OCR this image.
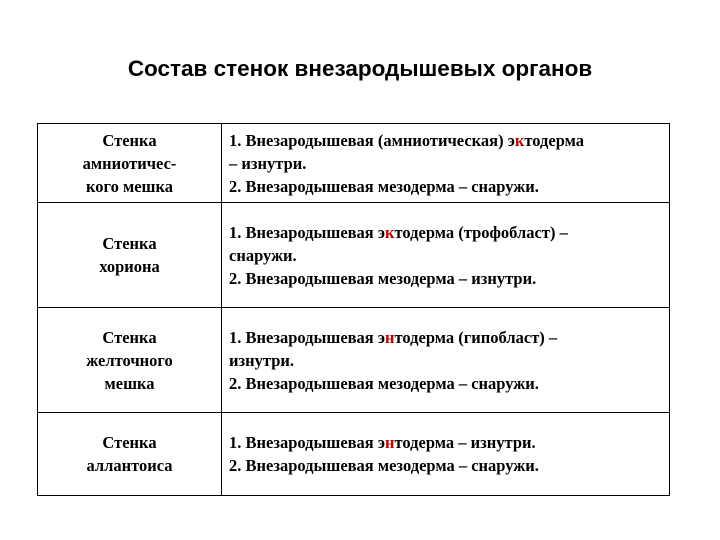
Состав стенок внезародышевых органов
Стенка
амниотичес-
кого мешка	1. Внезародышевая (амниотическая) эктодерма
– изнутри.
2. Внезародышевая мезодерма – снаружи.

Стенка
хориона	1. Внезародышевая эктодерма (трофобласт) –
снаружи.
2. Внезародышевая мезодерма – изнутри.

Стенка
желточного
мешка	1. Внезародышевая энтодерма (гипобласт) –
изнутри.
2. Внезародышевая мезодерма – снаружи.

Стенка
аллантоиса	1. Внезародышевая энтодерма – изнутри.
2. Внезародышевая мезодерма – снаружи.
